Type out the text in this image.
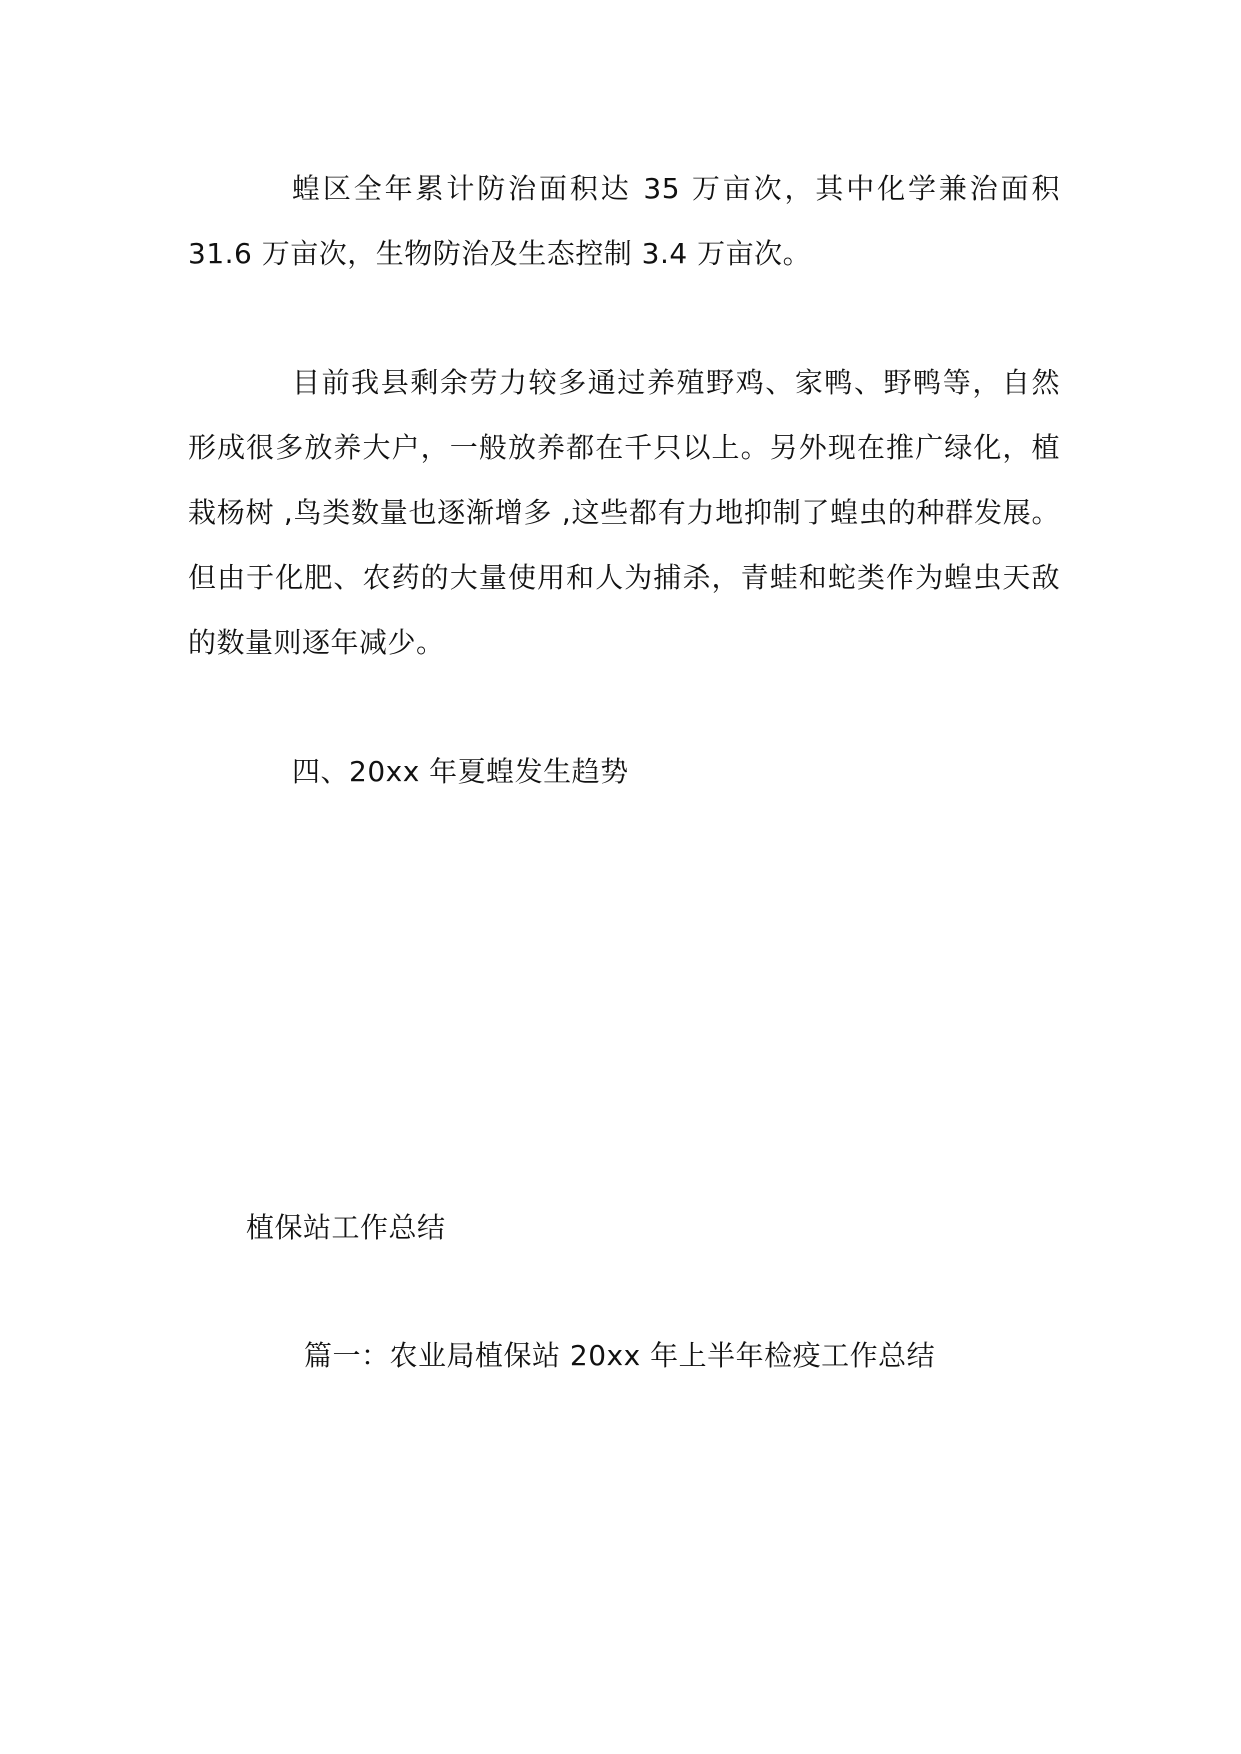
蝗区全年累计防治面积达 35 万亩次，其中化学兼治面积 31.6 万亩次，生物防治及生态控制 3.4 万亩次。

目前我县剩余劳力较多通过养殖野鸡、家鸭、野鸭等，自然形成很多放养大户，一般放养都在千只以上。另外现在推广绿化，植栽杨树 ,鸟类数量也逐渐增多 ,这些都有力地抑制了蝗虫的种群发展。但由于化肥、农药的大量使用和人为捕杀，青蛙和蛇类作为蝗虫天敌的数量则逐年减少。

四、20xx 年夏蝗发生趋势

植保站工作总结

篇一：农业局植保站 20xx 年上半年检疫工作总结
